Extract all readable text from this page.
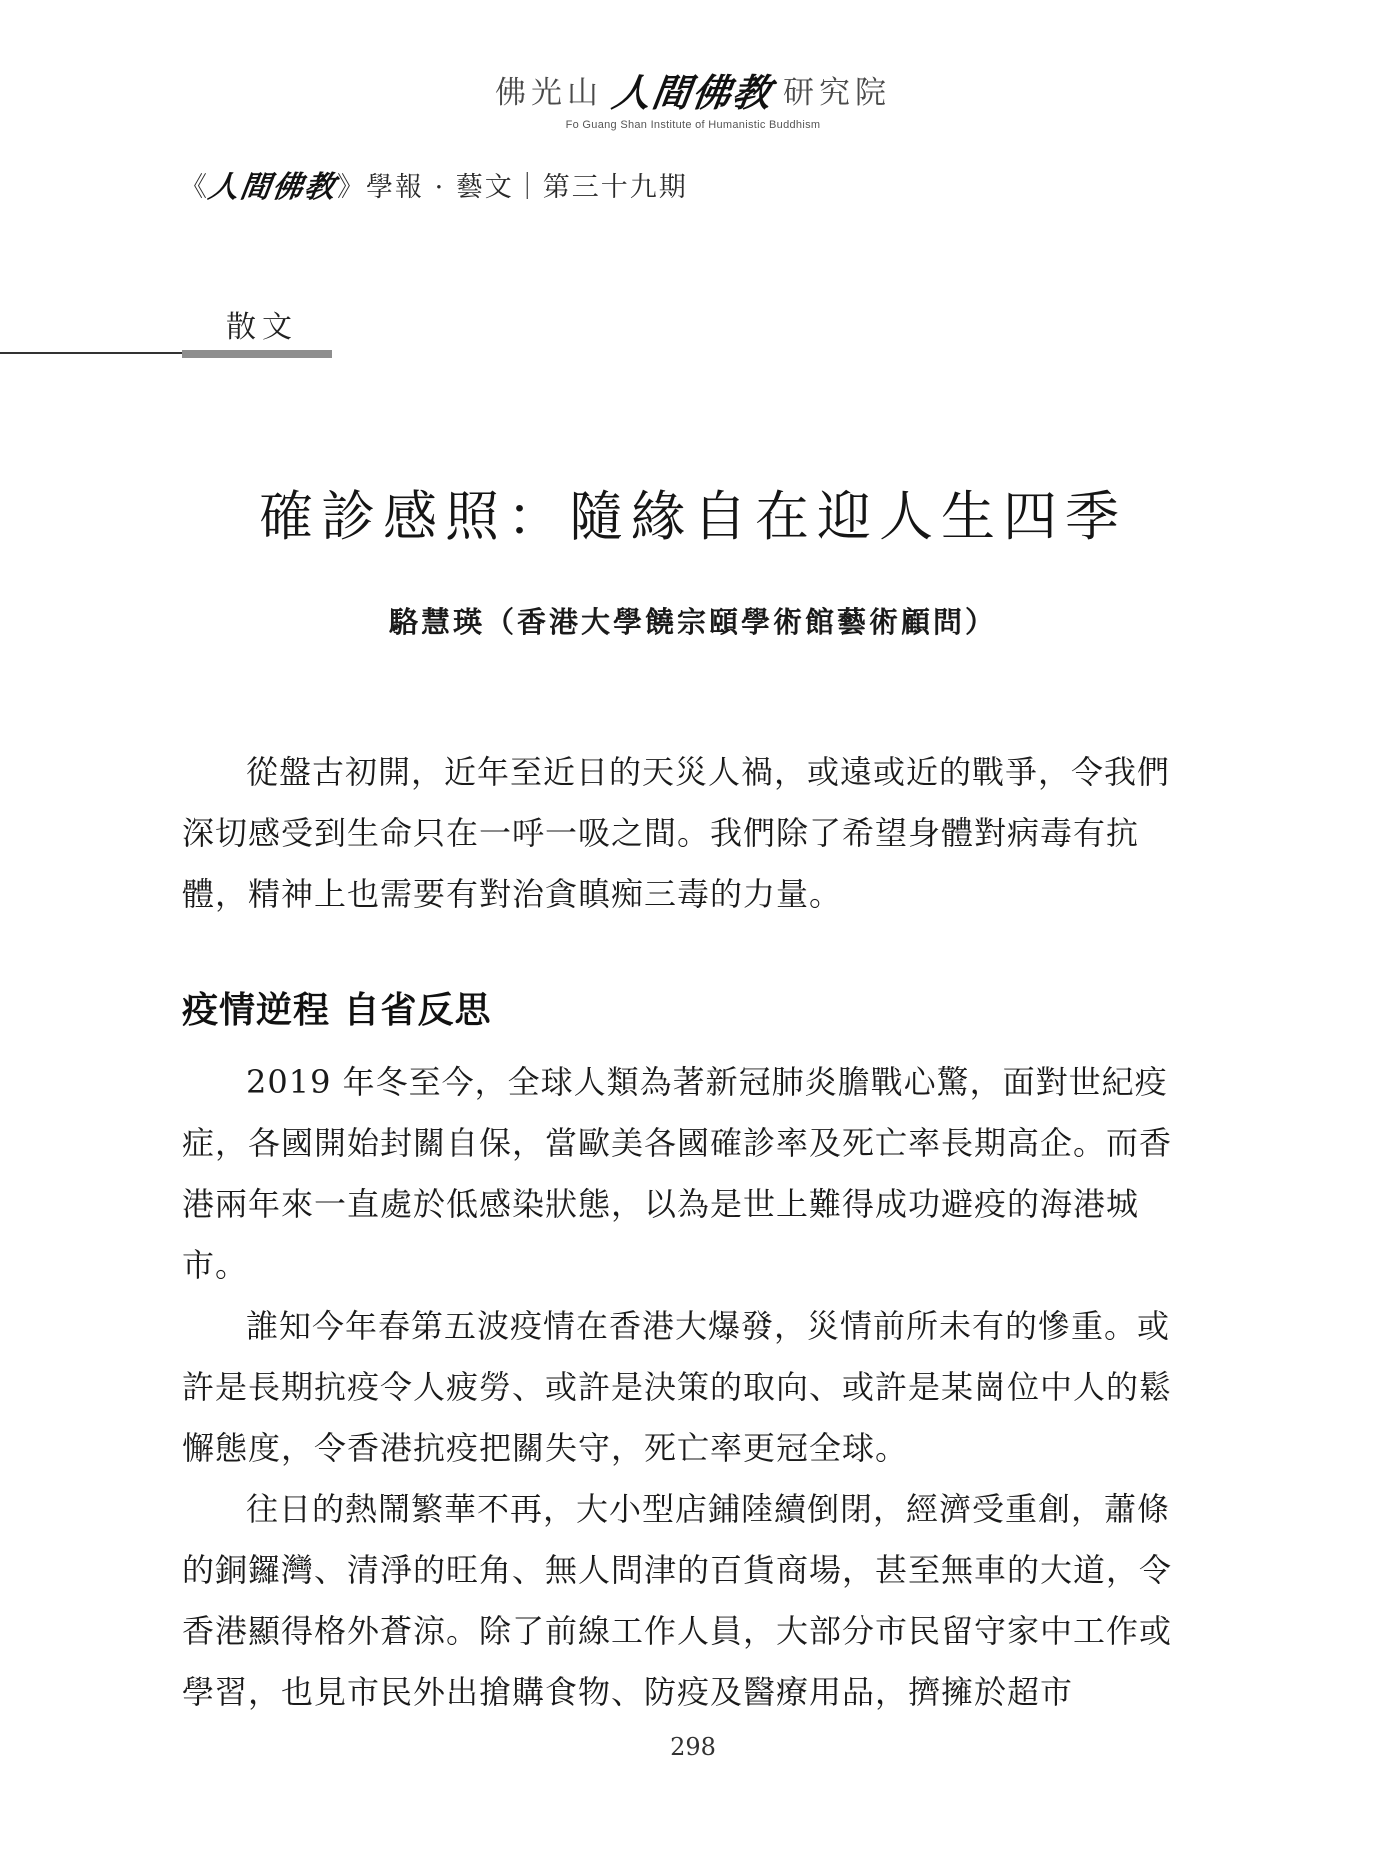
佛光山 人間佛教 研究院
Fo Guang Shan Institute of Humanistic Buddhism
《
人間佛教
》 學報 · 藝文｜第三十九期
散文
確診感照：隨緣自在迎人生四季
駱慧瑛（香港大學饒宗頤學術館藝術顧問）

從盤古初開，近年至近日的天災人禍，或遠或近的戰爭，令我們深切感受到生命只在一呼一吸之間。我們除了希望身體對病毒有抗體，精神上也需要有對治貪瞋痴三毒的力量。

疫情逆程 自省反思

2019 年冬至今，全球人類為著新冠肺炎膽戰心驚，面對世紀疫症，各國開始封關自保，當歐美各國確診率及死亡率長期高企。而香港兩年來一直處於低感染狀態，以為是世上難得成功避疫的海港城市。

誰知今年春第五波疫情在香港大爆發，災情前所未有的慘重。或許是長期抗疫令人疲勞、或許是決策的取向、或許是某崗位中人的鬆懈態度，令香港抗疫把關失守，死亡率更冠全球。

往日的熱鬧繁華不再，大小型店鋪陸續倒閉，經濟受重創，蕭條的銅鑼灣、清淨的旺角、無人問津的百貨商場，甚至無車的大道，令香港顯得格外蒼涼。除了前線工作人員，大部分市民留守家中工作或學習，也見市民外出搶購食物、防疫及醫療用品，擠擁於超市

298
